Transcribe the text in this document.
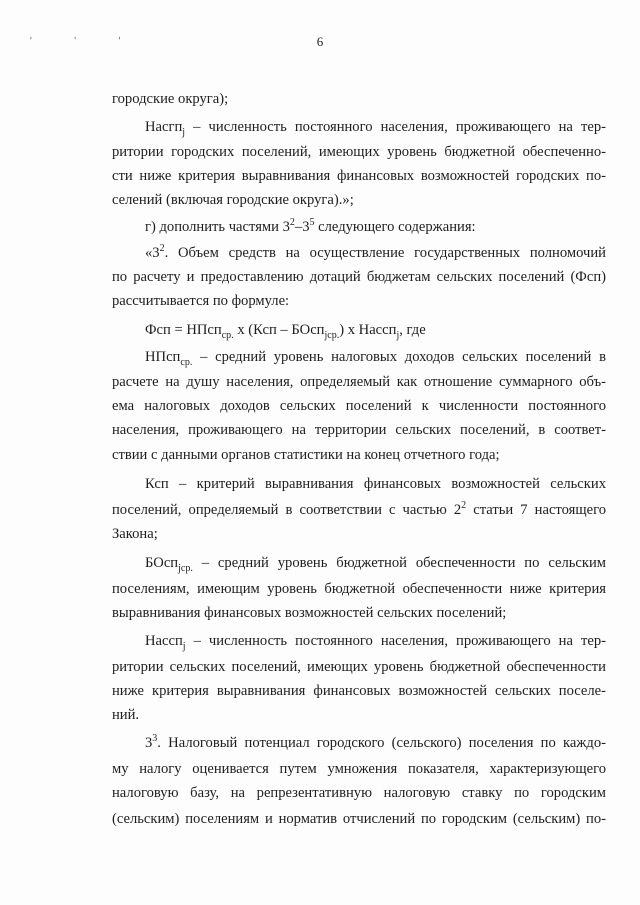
' ' '	6
городские округа);
Насгп$_j$ – численность постоянного населения, проживающего на тер-
ритории городских поселений, имеющих уровень бюджетной обеспеченно-
сти ниже критерия выравнивания финансовых возможностей городских по-
селений (включая городские округа).»;
г) дополнить частями $3^2-3^5$ следующего содержания:
«$3^2$. Объем средств на осуществление государственных полномочий
по расчету и предоставлению дотаций бюджетам сельских поселений (Фсп)
рассчитывается по формуле:
Фсп = НПсп$_{ср.}$ х (Ксп – БОсп$_{jср.}$) х Нассп$_j$, где
НПсп$_{ср.}$ – средний уровень налоговых доходов сельских поселений в
расчете на душу населения, определяемый как отношение суммарного объ-
ема налоговых доходов сельских поселений к численности постоянного
населения, проживающего на территории сельских поселений, в соответ-
ствии с данными органов статистики на конец отчетного года;
Ксп – критерий выравнивания финансовых возможностей сельских
поселений, определяемый в соответствии с частью $2^2$ статьи 7 настоящего
Закона;
БОсп$_{jср.}$ – средний уровень бюджетной обеспеченности по сельским
поселениям, имеющим уровень бюджетной обеспеченности ниже критерия
выравнивания финансовых возможностей сельских поселений;
Нассп$_j$ – численность постоянного населения, проживающего на тер-
ритории сельских поселений, имеющих уровень бюджетной обеспеченности
ниже критерия выравнивания финансовых возможностей сельских поселе-
ний.
$3^3$. Налоговый потенциал городского (сельского) поселения по каждо-
му налогу оценивается путем умножения показателя, характеризующего
налоговую базу, на репрезентативную налоговую ставку по городским
(сельским) поселениям и норматив отчислений по городским (сельским) по-
